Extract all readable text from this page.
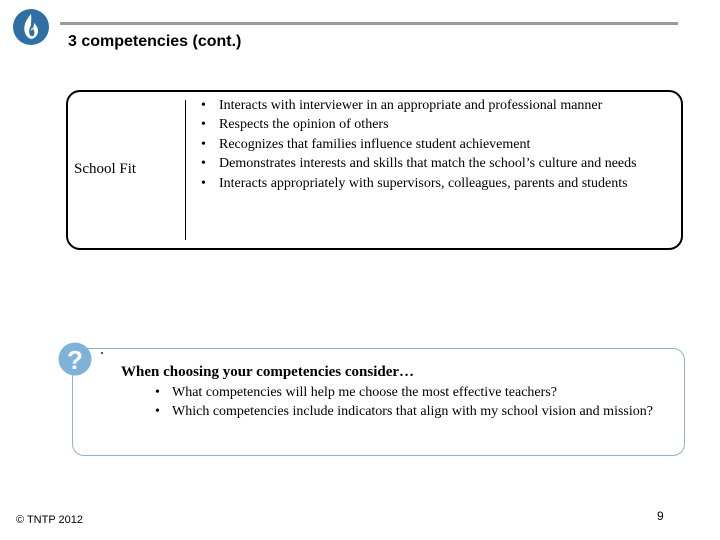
3 competencies (cont.)
School Fit
• Interacts with interviewer in an appropriate and professional manner
• Respects the opinion of others
• Recognizes that families influence student achievement
• Demonstrates interests and skills that match the school’s culture and needs
• Interacts appropriately with supervisors, colleagues, parents and students
?	When choosing your competencies consider…
• What competencies will help me choose the most effective teachers?
• Which competencies include indicators that align with my school vision and mission?
© TNTP 2012	9
